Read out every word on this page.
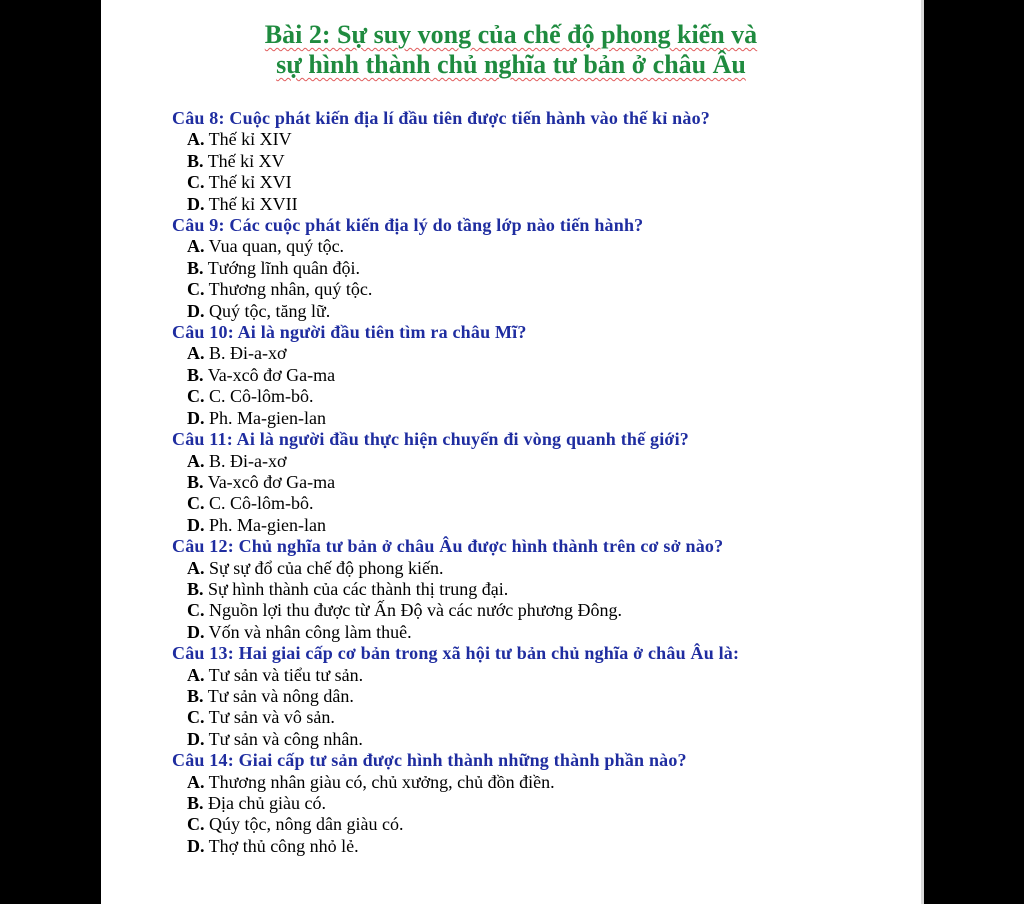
Bài 2: Sự suy vong của chế độ phong kiến và
sự hình thành chủ nghĩa tư bản ở châu Âu
Câu 8: Cuộc phát kiến địa lí đầu tiên được tiến hành vào thế kỉ nào?
A. Thế kỉ XIV
B. Thế kỉ XV
C. Thế kỉ XVI
D. Thế kỉ XVII
Câu 9: Các cuộc phát kiến địa lý do tầng lớp nào tiến hành?
A. Vua quan, quý tộc.
B. Tướng lĩnh quân đội.
C. Thương nhân, quý tộc.
D. Quý tộc, tăng lữ.
Câu 10: Ai là người đầu tiên tìm ra châu Mĩ?
A. B. Đi-a-xơ
B. Va-xcô đơ Ga-ma
C. C. Cô-lôm-bô.
D. Ph. Ma-gien-lan
Câu 11: Ai là người đầu thực hiện chuyến đi vòng quanh thế giới?
A. B. Đi-a-xơ
B. Va-xcô đơ Ga-ma
C. C. Cô-lôm-bô.
D. Ph. Ma-gien-lan
Câu 12: Chủ nghĩa tư bản ở châu Âu được hình thành trên cơ sở nào?
A. Sự sự đổ của chế độ phong kiến.
B. Sự hình thành của các thành thị trung đại.
C. Nguồn lợi thu được từ Ấn Độ và các nước phương Đông.
D. Vốn và nhân công làm thuê.
Câu 13: Hai giai cấp cơ bản trong xã hội tư bản chủ nghĩa ở châu Âu là:
A. Tư sản và tiểu tư sản.
B. Tư sản và nông dân.
C. Tư sản và vô sản.
D. Tư sản và công nhân.
Câu 14: Giai cấp tư sản được hình thành những thành phần nào?
A. Thương nhân giàu có, chủ xưởng, chủ đồn điền.
B. Địa chủ giàu có.
C. Qúy tộc, nông dân giàu có.
D. Thợ thủ công nhỏ lẻ.
